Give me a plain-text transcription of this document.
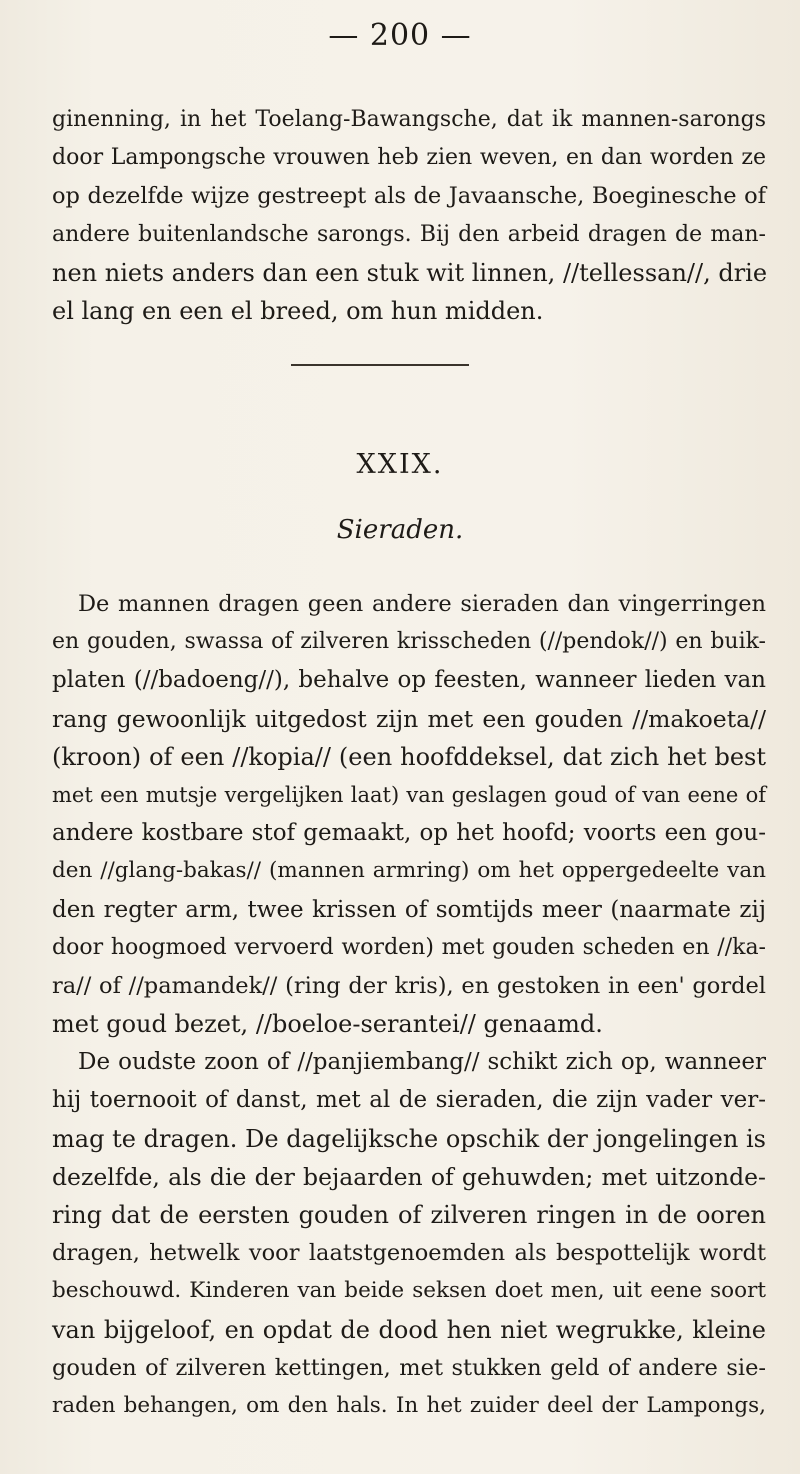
— 200 —
ginenning, in het Toelang-Bawangsche, dat ik mannen-sarongs
door Lampongsche vrouwen heb zien weven, en dan worden ze
op dezelfde wijze gestreept als de Javaansche, Boeginesche of
andere buitenlandsche sarongs. Bij den arbeid dragen de man-
nen niets anders dan een stuk wit linnen, //tellessan//, drie
el lang en een el breed, om hun midden.
XXIX.
Sieraden.
De mannen dragen geen andere sieraden dan vingerringen
en gouden, swassa of zilveren krisscheden (//pendok//) en buik-
platen (//badoeng//), behalve op feesten, wanneer lieden van
rang gewoonlijk uitgedost zijn met een gouden //makoeta//
(kroon) of een //kopia// (een hoofddeksel, dat zich het best
met een mutsje vergelijken laat) van geslagen goud of van eene of
andere kostbare stof gemaakt, op het hoofd; voorts een gou-
den //glang-bakas// (mannen armring) om het oppergedeelte van
den regter arm, twee krissen of somtijds meer (naarmate zij
door hoogmoed vervoerd worden) met gouden scheden en //ka-
ra// of //pamandek// (ring der kris), en gestoken in een' gordel
met goud bezet, //boeloe-serantei// genaamd.
De oudste zoon of //panjiembang// schikt zich op, wanneer
hij toernooit of danst, met al de sieraden, die zijn vader ver-
mag te dragen. De dagelijksche opschik der jongelingen is
dezelfde, als die der bejaarden of gehuwden; met uitzonde-
ring dat de eersten gouden of zilveren ringen in de ooren
dragen, hetwelk voor laatstgenoemden als bespottelijk wordt
beschouwd. Kinderen van beide seksen doet men, uit eene soort
van bijgeloof, en opdat de dood hen niet wegrukke, kleine
gouden of zilveren kettingen, met stukken geld of andere sie-
raden behangen, om den hals. In het zuider deel der Lampongs,
